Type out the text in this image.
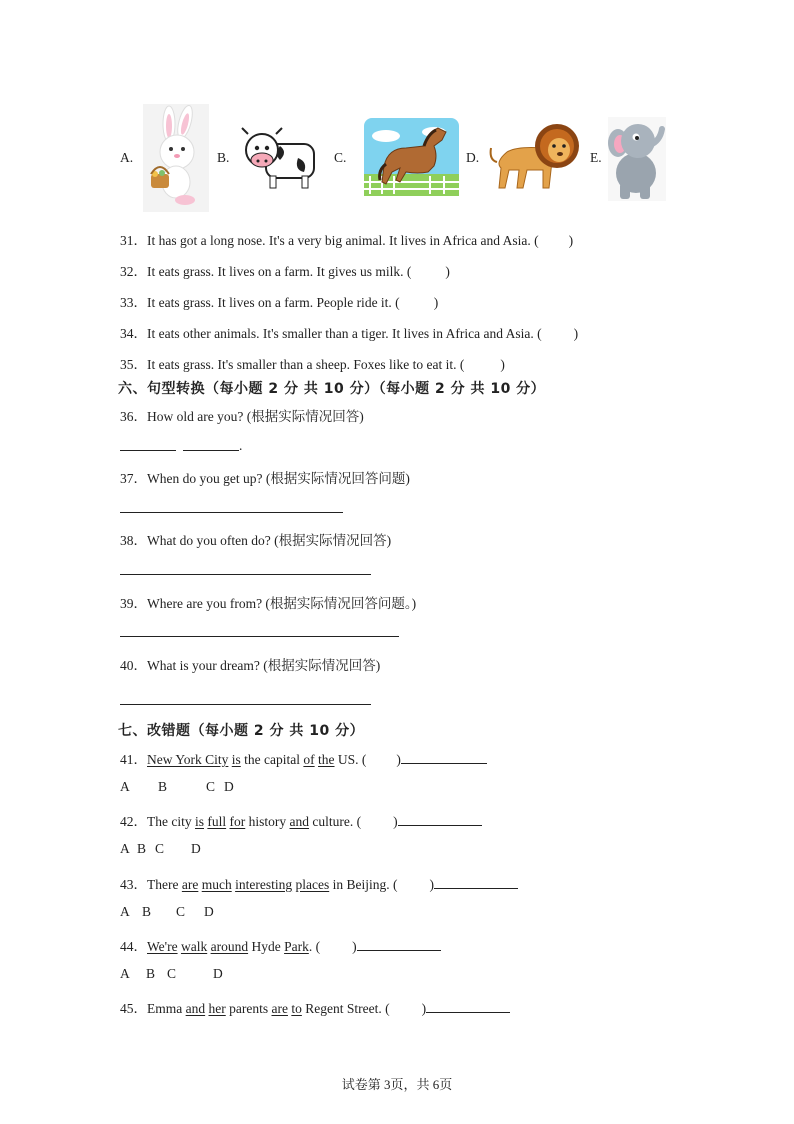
A.	B.	C.	D.	E.
31．It has got a long nose. It's a very big animal. It lives in Africa and Asia. ( )
32．It eats grass. It lives on a farm. It gives us milk. (	)
33．It eats grass. It lives on a farm. People ride it. (	)
34．It eats other animals. It's smaller than a tiger. It lives in Africa and Asia. ( )
35．It eats grass. It's smaller than a sheep. Foxes like to eat it. (	)
六、句型转换（每小题 2 分 共 10 分）（每小题 2 分 共 10 分）
36．How old are you? (根据实际情况回答)
.
37．When do you get up? (根据实际情况回答问题)
38．What do you often do? (根据实际情况回答)
39．Where are you from? (根据实际情况回答问题。)
40．What is your dream? (根据实际情况回答)
七、改错题（每小题 2 分 共 10 分）
41．New York City is the capital of the US. ( )
A B	C D
42．The city is full for history and culture. ( )
A B C D
43．There are much interesting places in Beijing. ( )
A B C D
44．We're walk around Hyde Park. ( )
A B C	D
45．Emma and her parents are to Regent Street. ( )
试卷第 3页，共 6页
